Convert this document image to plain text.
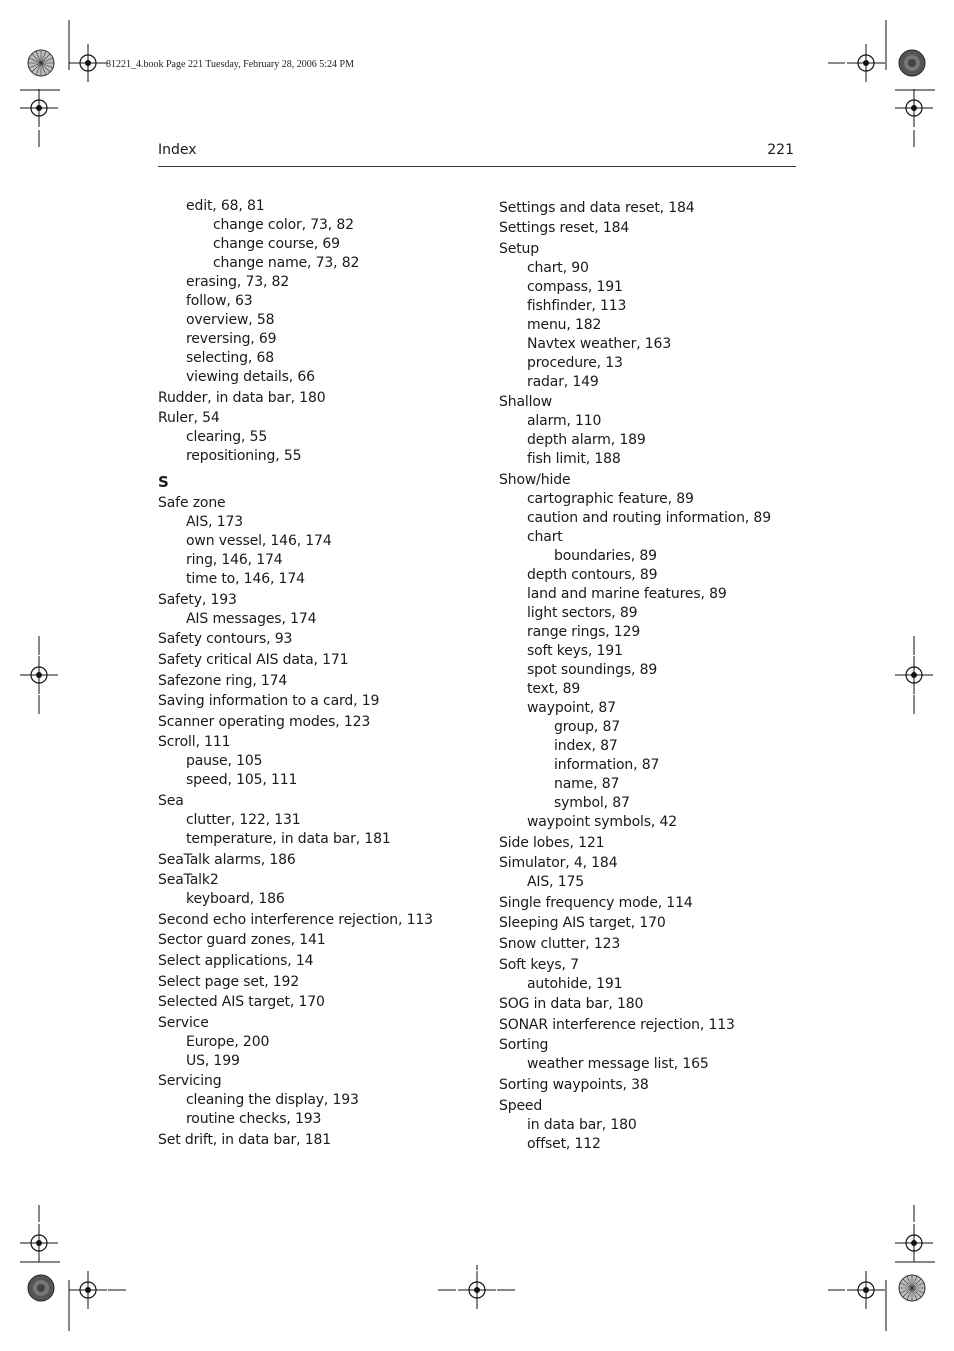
81221_4.book Page 221 Tuesday, February 28, 2006 5:24 PM
Index	221
edit, 68, 81
change color, 73, 82
change course, 69
change name, 73, 82
erasing, 73, 82
follow, 63
overview, 58
reversing, 69
selecting, 68
viewing details, 66
Rudder, in data bar, 180
Ruler, 54
clearing, 55
repositioning, 55
S
Safe zone
AIS, 173
own vessel, 146, 174
ring, 146, 174
time to, 146, 174
Safety, 193
AIS messages, 174
Safety contours, 93
Safety critical AIS data, 171
Safezone ring, 174
Saving information to a card, 19
Scanner operating modes, 123
Scroll, 111
pause, 105
speed, 105, 111
Sea
clutter, 122, 131
temperature, in data bar, 181
SeaTalk alarms, 186
SeaTalk2
keyboard, 186
Second echo interference rejection, 113
Sector guard zones, 141
Select applications, 14
Select page set, 192
Selected AIS target, 170
Service
Europe, 200
US, 199
Servicing
cleaning the display, 193
routine checks, 193
Set drift, in data bar, 181
Settings and data reset, 184
Settings reset, 184
Setup
chart, 90
compass, 191
fishfinder, 113
menu, 182
Navtex weather, 163
procedure, 13
radar, 149
Shallow
alarm, 110
depth alarm, 189
fish limit, 188
Show/hide
cartographic feature, 89
caution and routing information, 89
chart
boundaries, 89
depth contours, 89
land and marine features, 89
light sectors, 89
range rings, 129
soft keys, 191
spot soundings, 89
text, 89
waypoint, 87
group, 87
index, 87
information, 87
name, 87
symbol, 87
waypoint symbols, 42
Side lobes, 121
Simulator, 4, 184
AIS, 175
Single frequency mode, 114
Sleeping AIS target, 170
Snow clutter, 123
Soft keys, 7
autohide, 191
SOG in data bar, 180
SONAR interference rejection, 113
Sorting
weather message list, 165
Sorting waypoints, 38
Speed
in data bar, 180
offset, 112
